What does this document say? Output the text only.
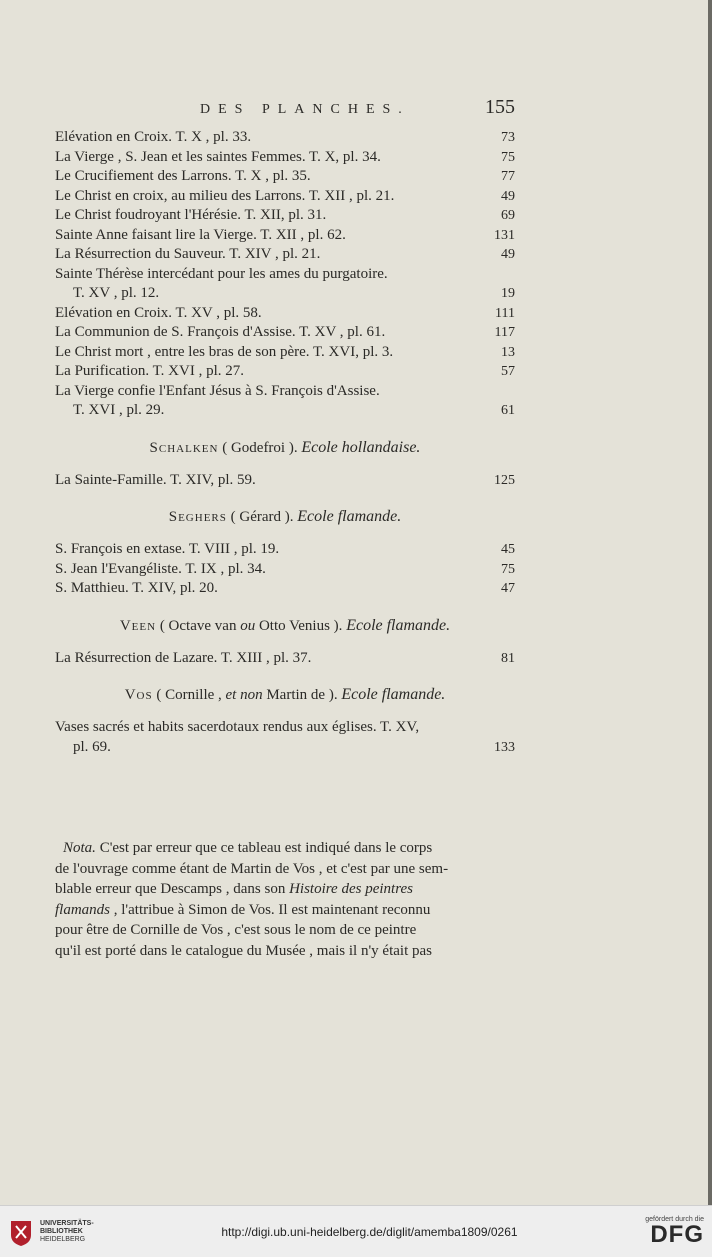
DES PLANCHES.	155
Elévation en Croix. T. X , pl. 33.	73
La Vierge , S. Jean et les saintes Femmes. T. X, pl. 34.	75
Le Crucifiement des Larrons. T. X , pl. 35.	77
Le Christ en croix, au milieu des Larrons. T. XII , pl. 21.	49
Le Christ foudroyant l'Hérésie. T. XII, pl. 31.	69
Sainte Anne faisant lire la Vierge. T. XII , pl. 62.	131
La Résurrection du Sauveur. T. XIV , pl. 21.	49
Sainte Thérèse intercédant pour les ames du purgatoire.
T. XV , pl. 12.	19
Elévation en Croix. T. XV , pl. 58.	111
La Communion de S. François d'Assise. T. XV , pl. 61.	117
Le Christ mort , entre les bras de son père. T. XVI, pl. 3.	13
La Purification. T. XVI , pl. 27.	57
La Vierge confie l'Enfant Jésus à S. François d'Assise.
T. XVI , pl. 29.	61
Schalken ( Godefroi ). Ecole hollandaise.
La Sainte-Famille. T. XIV, pl. 59.	125
Seghers ( Gérard ). Ecole flamande.
S. François en extase. T. VIII , pl. 19.	45
S. Jean l'Evangéliste. T. IX , pl. 34.	75
S. Matthieu. T. XIV, pl. 20.	47
Veen ( Octave van ou Otto Venius ). Ecole flamande.
La Résurrection de Lazare. T. XIII , pl. 37.	81
Vos ( Cornille , et non Martin de ). Ecole flamande.
Vases sacrés et habits sacerdotaux rendus aux églises. T. XV,
pl. 69.	133

Nota. C'est par erreur que ce tableau est indiqué dans le corps

de l'ouvrage comme étant de Martin de Vos , et c'est par une sem-

blable erreur que Descamps , dans son Histoire des peintres

flamands , l'attribue à Simon de Vos. Il est maintenant reconnu

pour être de Cornille de Vos , c'est sous le nom de ce peintre

qu'il est porté dans le catalogue du Musée , mais il n'y était pas

UNIVERSITÄTS-
BIBLIOTHEK
HEIDELBERG
http://digi.ub.uni-heidelberg.de/diglit/amemba1809/0261
gefördert durch die
DFG
